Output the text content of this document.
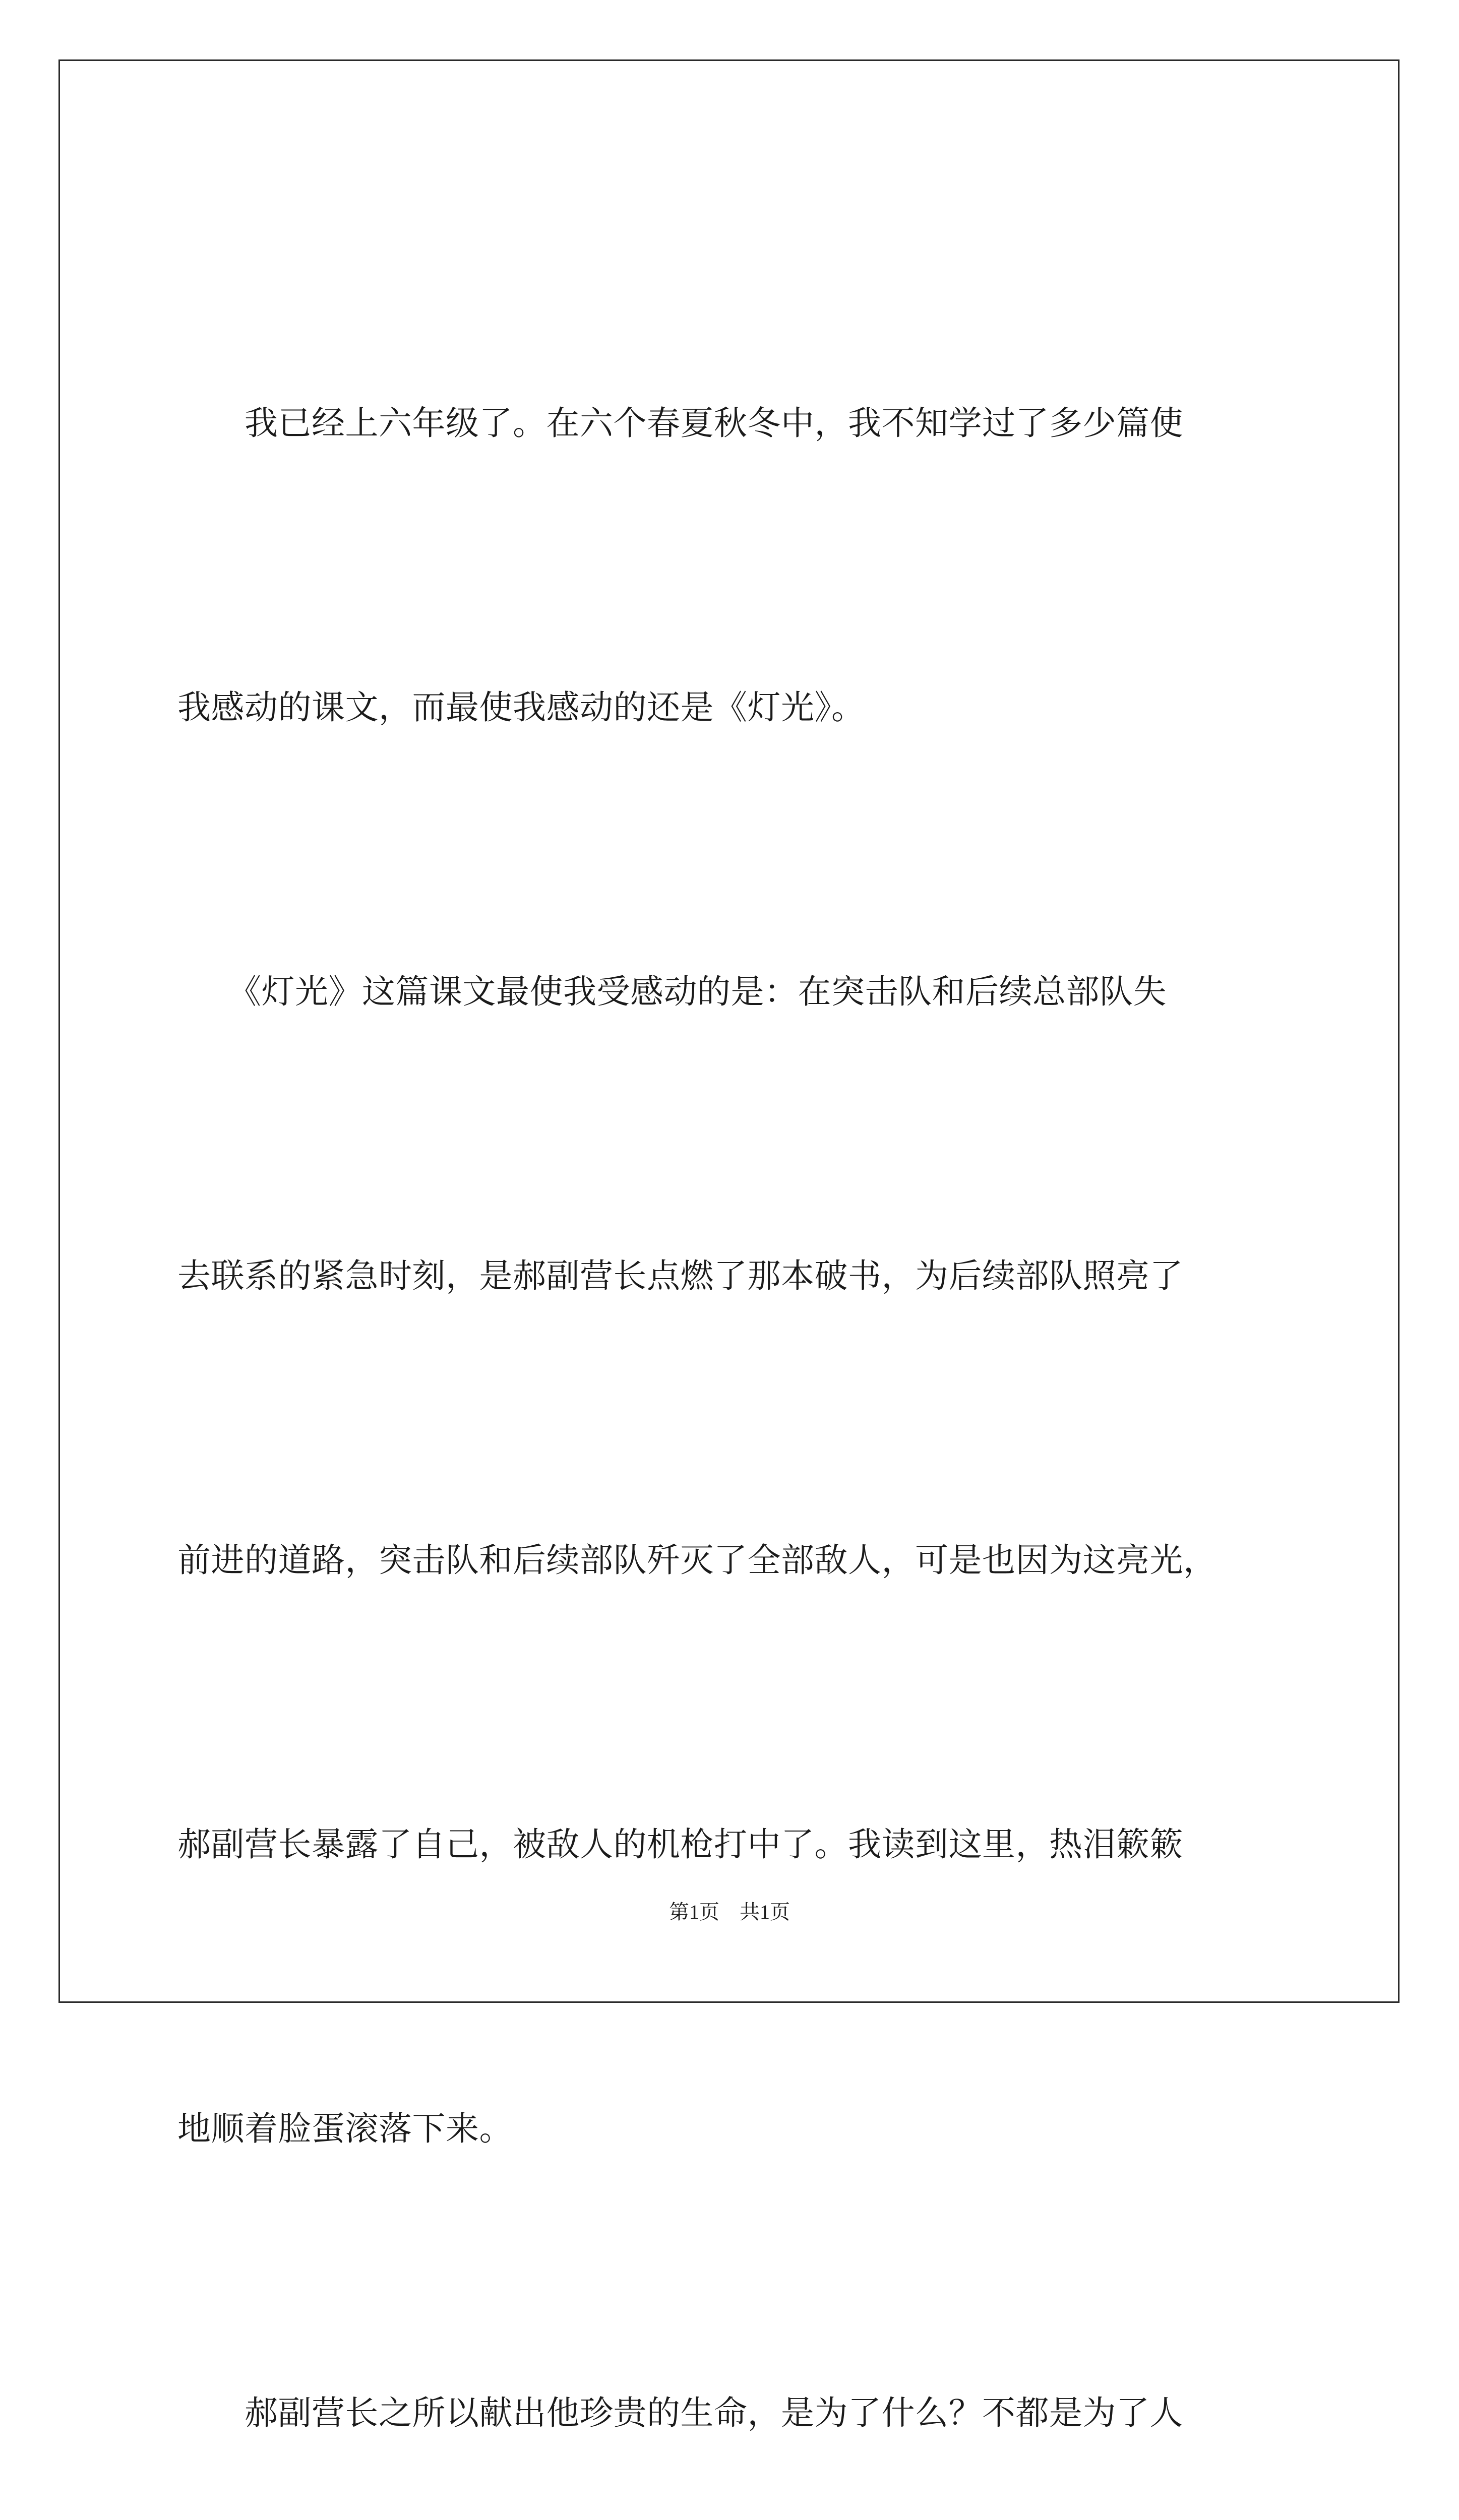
　　我已经上六年级了。在六个春夏秋冬中，我不知学过了多少篇使

我感动的课文，而最使我感动的还是《灯光》。

　　《灯光》这篇课文最使我受感动的是：在突击队和后续总部队失

去联系的紧急时刻，是郝副营长点燃了那本破书，为后续部队照亮了

前进的道路，突击队和后续部队歼灭了全部敌人，可是也因为这亮光，

郝副营长暴露了自己，被敌人的机枪打中了。我读到这里，热泪簌簌

地顺着脸蛋滚落下来。

　　郝副营长之所以献出他珍贵的生命，是为了什么？不都是为了人

第1页　共1页
